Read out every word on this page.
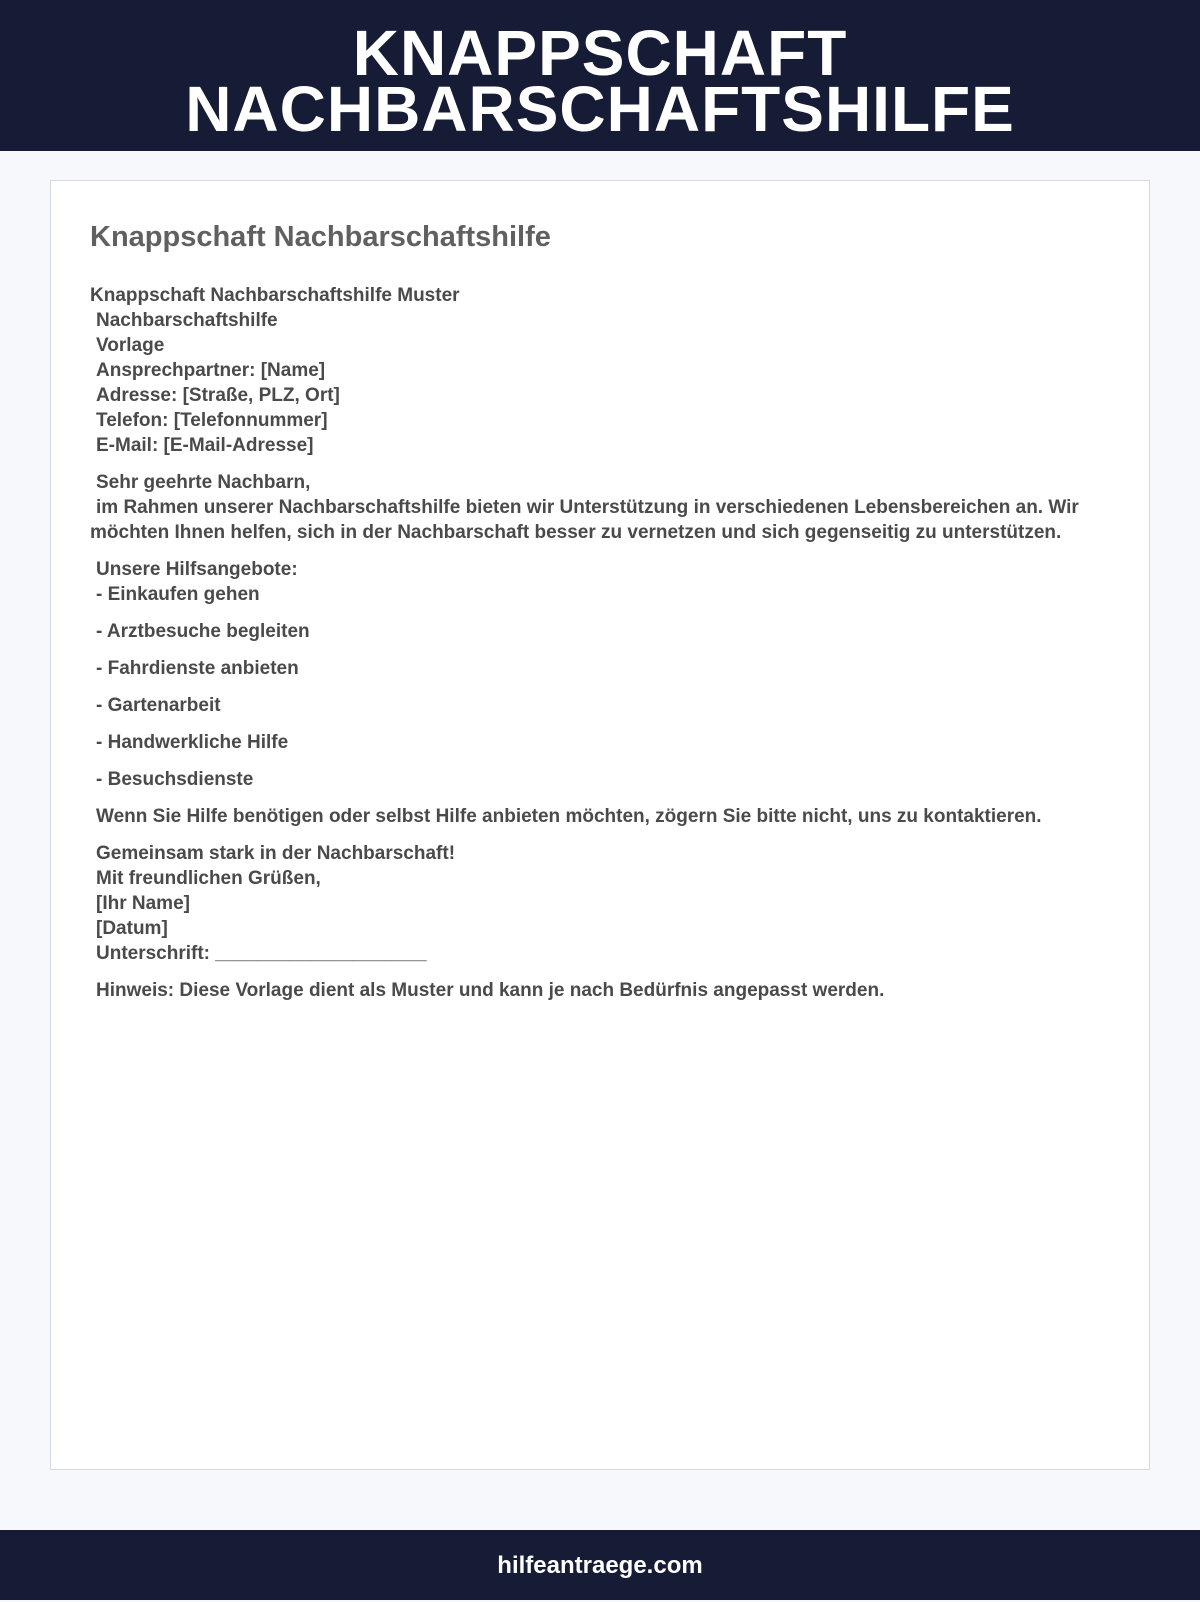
KNAPPSCHAFT
NACHBARSCHAFTSHILFE
Knappschaft Nachbarschaftshilfe

Knappschaft Nachbarschaftshilfe Muster
Nachbarschaftshilfe
Vorlage
Ansprechpartner: [Name]
Adresse: [Straße, PLZ, Ort]
Telefon: [Telefonnummer]
E-Mail: [E-Mail-Adresse]

Sehr geehrte Nachbarn,
im Rahmen unserer Nachbarschaftshilfe bieten wir Unterstützung in verschiedenen Lebensbereichen an. Wir möchten Ihnen helfen, sich in der Nachbarschaft besser zu vernetzen und sich gegenseitig zu unterstützen.

Unsere Hilfsangebote:
- Einkaufen gehen

- Arztbesuche begleiten

- Fahrdienste anbieten

- Gartenarbeit

- Handwerkliche Hilfe

- Besuchsdienste

Wenn Sie Hilfe benötigen oder selbst Hilfe anbieten möchten, zögern Sie bitte nicht, uns zu kontaktieren.

Gemeinsam stark in der Nachbarschaft!
Mit freundlichen Grüßen,
[Ihr Name]
[Datum]
Unterschrift: ____________________

Hinweis: Diese Vorlage dient als Muster und kann je nach Bedürfnis angepasst werden.

hilfeantraege.com
